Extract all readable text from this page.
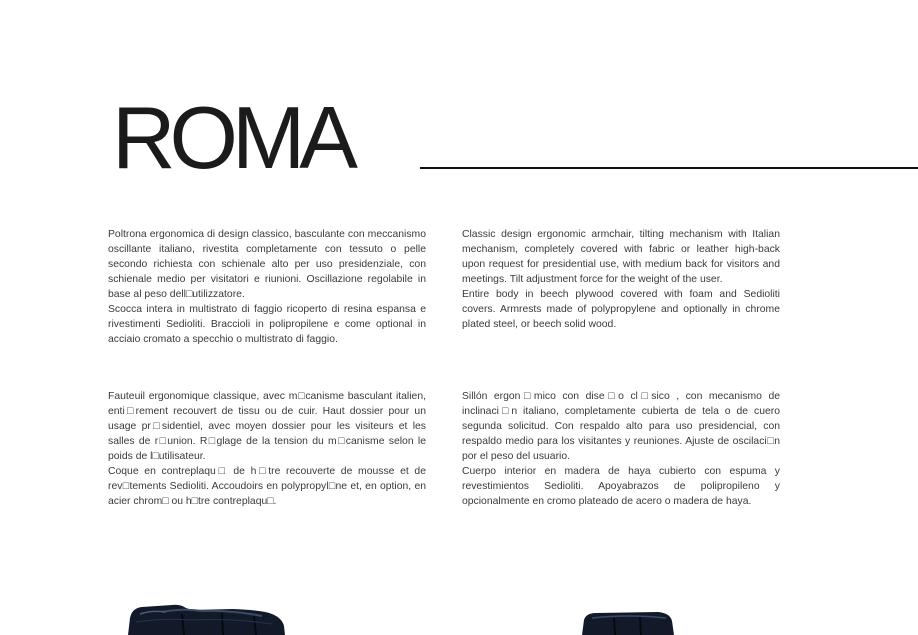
ROMA

Poltrona ergonomica di design classico, basculante con meccanismo oscillante italiano, rivestita completamente con tessuto o pelle secondo richiesta con schienale alto per uso presidenziale, con schienale medio per visitatori e riunioni. Oscillazione regolabile in base al peso dell□utilizzatore.

Scocca intera in multistrato di faggio ricoperto di resina espansa e rivestimenti Sedioliti. Braccioli in polipropilene e come optional in acciaio cromato a specchio o multistrato di faggio.

Classic design ergonomic armchair, tilting mechanism with Italian mechanism, completely covered with fabric or leather high-back upon request for presidential use, with medium back for visitors and meetings. Tilt adjustment force for the weight of the user.

Entire body in beech plywood covered with foam and Sedioliti covers. Armrests made of polypropylene and optionally in chrome plated steel, or beech solid wood.

Fauteuil ergonomique classique, avec m□canisme basculant italien, enti□rement recouvert de tissu ou de cuir. Haut dossier pour un usage pr□sidentiel, avec moyen dossier pour les visiteurs et les salles de r□union. R□glage de la tension du m□canisme selon le poids de l□utilisateur.

Coque en contreplaqu□ de h□tre recouverte de mousse et de rev□tements Sedioliti. Accoudoirs en polypropyl□ne et, en option, en acier chrom□ ou h□tre contreplaqu□.

Sillón ergon□mico con dise□o cl□sico , con mecanismo de inclinaci□n italiano, completamente cubierta de tela o de cuero segunda solicitud. Con respaldo alto para uso presidencial, con respaldo medio para los visitantes y reuniones. Ajuste de oscilaci□n por el peso del usuario.

Cuerpo interior en madera de haya cubierto con espuma y revestimientos Sedioliti. Apoyabrazos de polipropileno y opcionalmente en cromo plateado de acero o madera de haya.
